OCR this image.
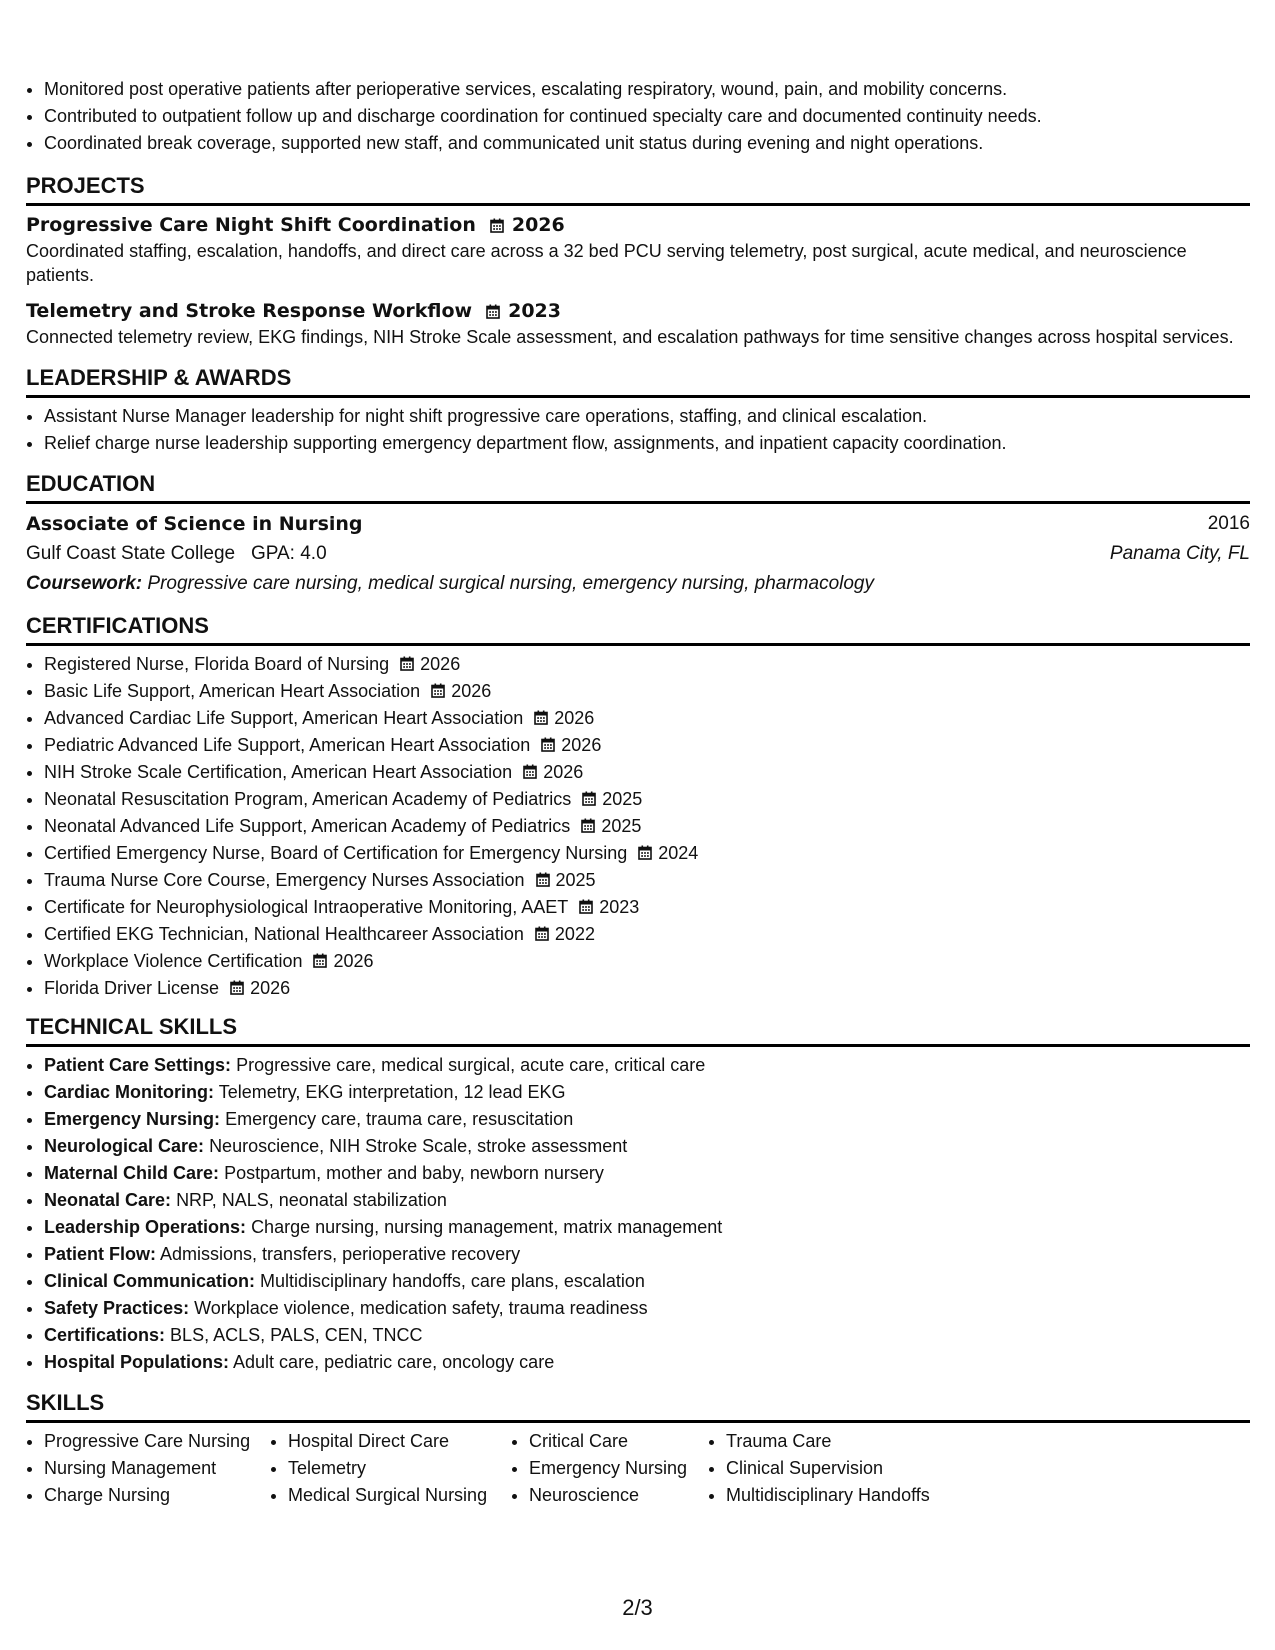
• Monitored post operative patients after perioperative services, escalating respiratory, wound, pain, and mobility concerns.
• Contributed to outpatient follow up and discharge coordination for continued specialty care and documented continuity needs.
• Coordinated break coverage, supported new staff, and communicated unit status during evening and night operations.
PROJECTS
Progressive Care Night Shift Coordination 2026
Coordinated staffing, escalation, handoffs, and direct care across a 32 bed PCU serving telemetry, post surgical, acute medical, and neuroscience patients.
Telemetry and Stroke Response Workflow 2023
Connected telemetry review, EKG findings, NIH Stroke Scale assessment, and escalation pathways for time sensitive changes across hospital services.
LEADERSHIP & AWARDS
• Assistant Nurse Manager leadership for night shift progressive care operations, staffing, and clinical escalation.
• Relief charge nurse leadership supporting emergency department flow, assignments, and inpatient capacity coordination.
EDUCATION
Associate of Science in Nursing	2016
Gulf Coast State College GPA: 4.0	Panama City, FL
Coursework:
Progressive care nursing, medical surgical nursing, emergency nursing, pharmacology
CERTIFICATIONS
• Registered Nurse, Florida Board of Nursing 2026
• Basic Life Support, American Heart Association 2026
• Advanced Cardiac Life Support, American Heart Association 2026
• Pediatric Advanced Life Support, American Heart Association 2026
• NIH Stroke Scale Certification, American Heart Association 2026
• Neonatal Resuscitation Program, American Academy of Pediatrics 2025
• Neonatal Advanced Life Support, American Academy of Pediatrics 2025
• Certified Emergency Nurse, Board of Certification for Emergency Nursing 2024
• Trauma Nurse Core Course, Emergency Nurses Association 2025
• Certificate for Neurophysiological Intraoperative Monitoring, AAET 2023
• Certified EKG Technician, National Healthcareer Association 2022
• Workplace Violence Certification 2026
• Florida Driver License 2026
TECHNICAL SKILLS
• Patient Care Settings: Progressive care, medical surgical, acute care, critical care
• Cardiac Monitoring: Telemetry, EKG interpretation, 12 lead EKG
• Emergency Nursing: Emergency care, trauma care, resuscitation
• Neurological Care: Neuroscience, NIH Stroke Scale, stroke assessment
• Maternal Child Care: Postpartum, mother and baby, newborn nursery
• Neonatal Care: NRP, NALS, neonatal stabilization
• Leadership Operations: Charge nursing, nursing management, matrix management
• Patient Flow: Admissions, transfers, perioperative recovery
• Clinical Communication: Multidisciplinary handoffs, care plans, escalation
• Safety Practices: Workplace violence, medication safety, trauma readiness
• Certifications: BLS, ACLS, PALS, CEN, TNCC
• Hospital Populations: Adult care, pediatric care, oncology care
SKILLS
• Progressive Care Nursing
• Nursing Management
• Charge Nursing
• Hospital Direct Care
• Telemetry
• Medical Surgical Nursing
• Critical Care
• Emergency Nursing
• Neuroscience
• Trauma Care
• Clinical Supervision
• Multidisciplinary Handoffs
2/3
